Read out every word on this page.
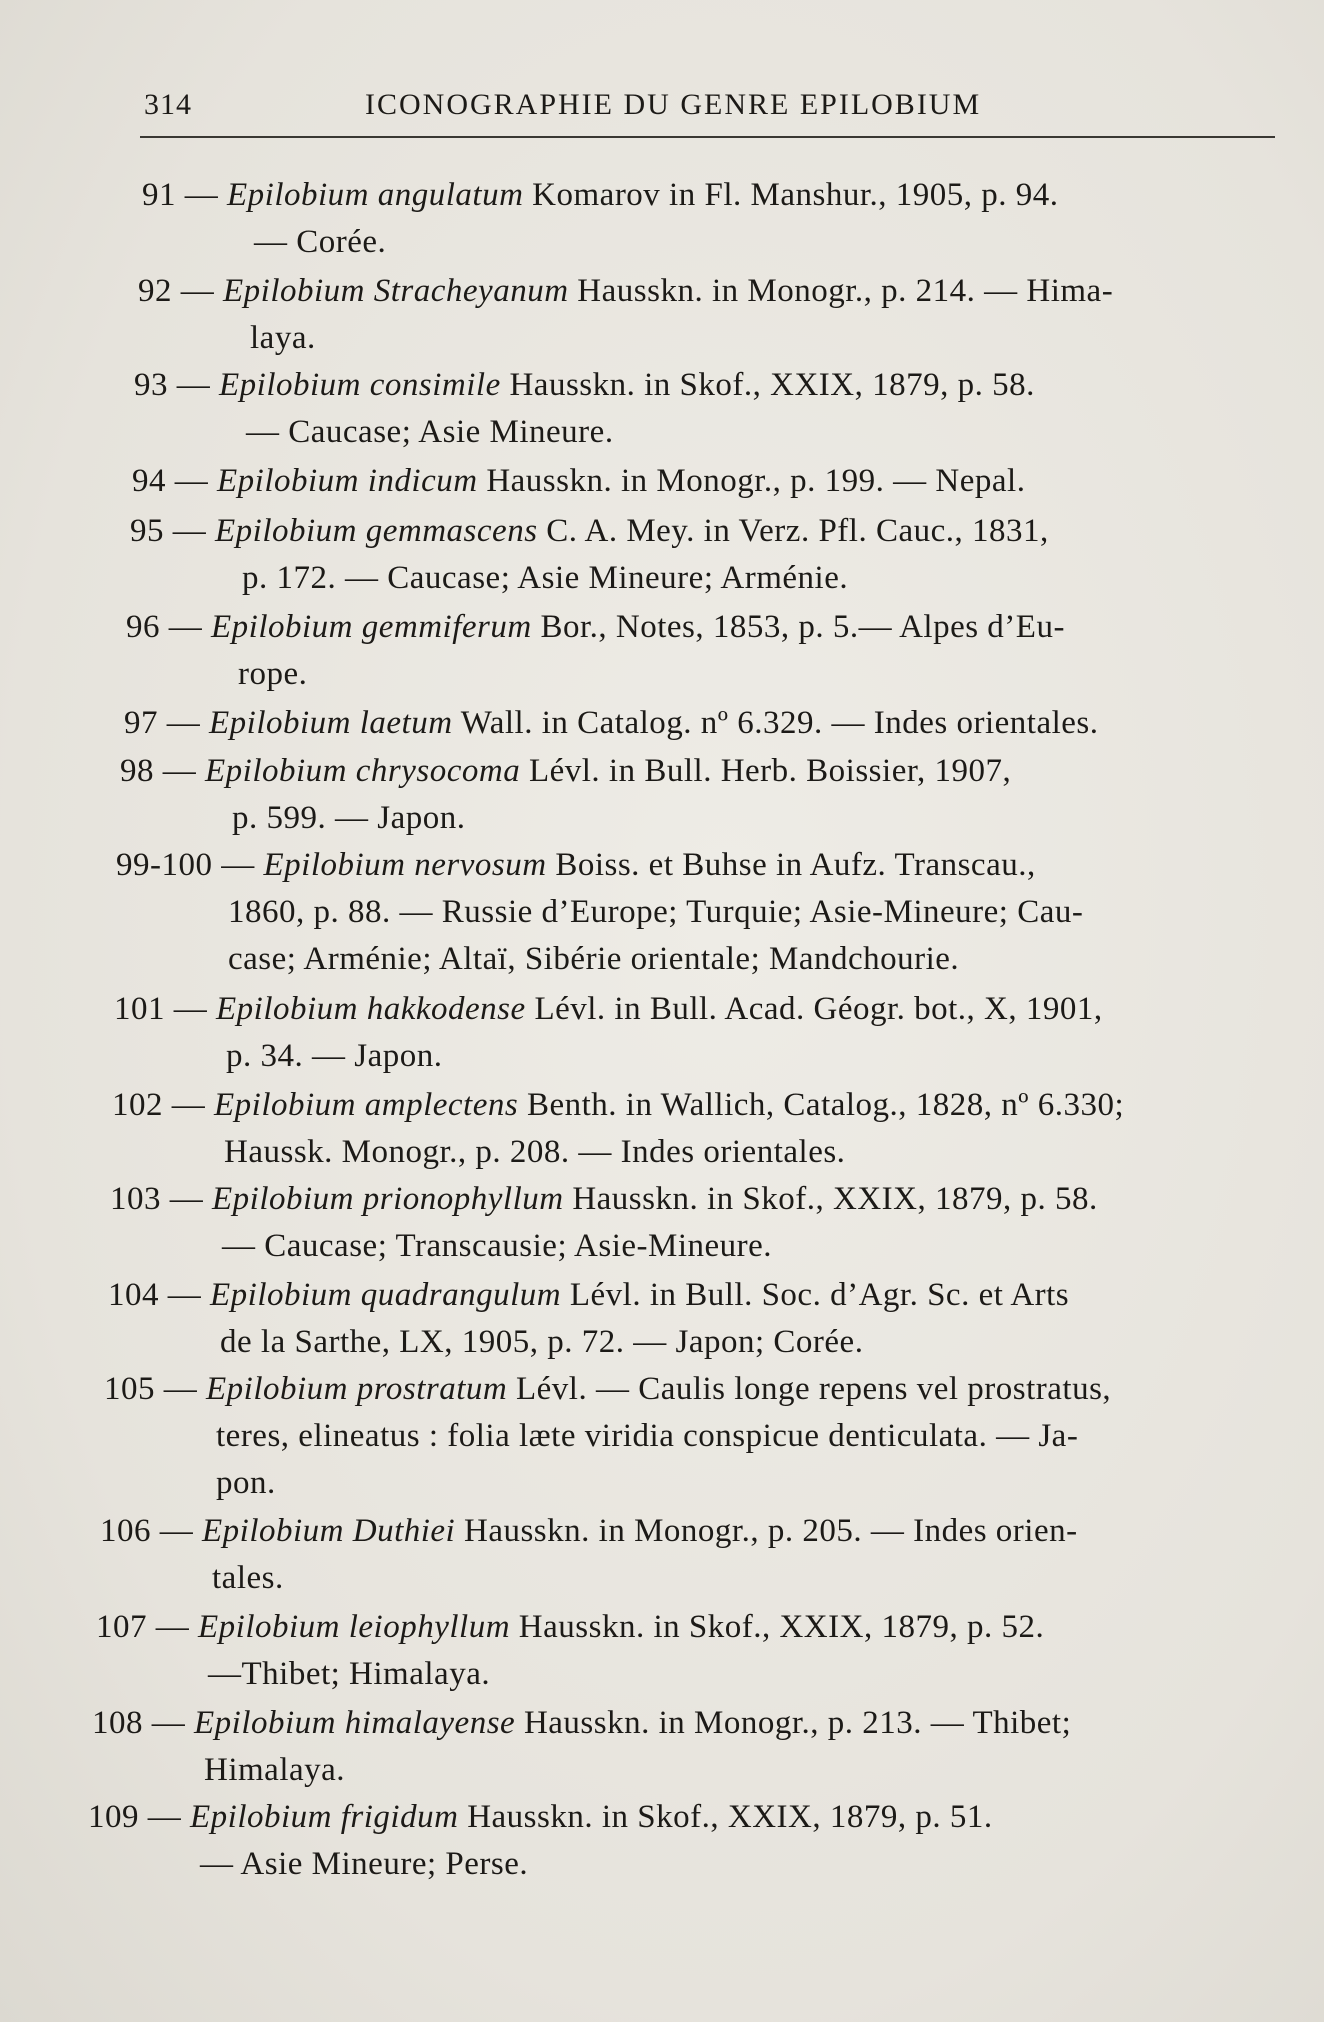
314	ICONOGRAPHIE DU GENRE EPILOBIUM
91 — Epilobium angulatum Komarov in Fl. Manshur., 1905, p. 94.
— Corée.
92 — Epilobium Stracheyanum Hausskn. in Monogr., p. 214. — Hima-
laya.
93 — Epilobium consimile Hausskn. in Skof., XXIX, 1879, p. 58.
— Caucase; Asie Mineure.
94 — Epilobium indicum Hausskn. in Monogr., p. 199. — Nepal.
95 — Epilobium gemmascens C. A. Mey. in Verz. Pfl. Cauc., 1831,
p. 172. — Caucase; Asie Mineure; Arménie.
96 — Epilobium gemmiferum Bor., Notes, 1853, p. 5.— Alpes d’Eu-
rope.
97 — Epilobium laetum Wall. in Catalog. nº 6.329. — Indes orientales.
98 — Epilobium chrysocoma Lévl. in Bull. Herb. Boissier, 1907,
p. 599. — Japon.
99-100 — Epilobium nervosum Boiss. et Buhse in Aufz. Transcau.,
1860, p. 88. — Russie d’Europe; Turquie; Asie-Mineure; Cau-
case; Arménie; Altaï, Sibérie orientale; Mandchourie.
101 — Epilobium hakkodense Lévl. in Bull. Acad. Géogr. bot., X, 1901,
p. 34. — Japon.
102 — Epilobium amplectens Benth. in Wallich, Catalog., 1828, nº 6.330;
Haussk. Monogr., p. 208. — Indes orientales.
103 — Epilobium prionophyllum Hausskn. in Skof., XXIX, 1879, p. 58.
— Caucase; Transcausie; Asie-Mineure.
104 — Epilobium quadrangulum Lévl. in Bull. Soc. d’Agr. Sc. et Arts
de la Sarthe, LX, 1905, p. 72. — Japon; Corée.
105 — Epilobium prostratum Lévl. — Caulis longe repens vel prostratus,
teres, elineatus : folia læte viridia conspicue denticulata. — Ja-
pon.
106 — Epilobium Duthiei Hausskn. in Monogr., p. 205. — Indes orien-
tales.
107 — Epilobium leiophyllum Hausskn. in Skof., XXIX, 1879, p. 52.
—Thibet; Himalaya.
108 — Epilobium himalayense Hausskn. in Monogr., p. 213. — Thibet;
Himalaya.
109 — Epilobium frigidum Hausskn. in Skof., XXIX, 1879, p. 51.
— Asie Mineure; Perse.
